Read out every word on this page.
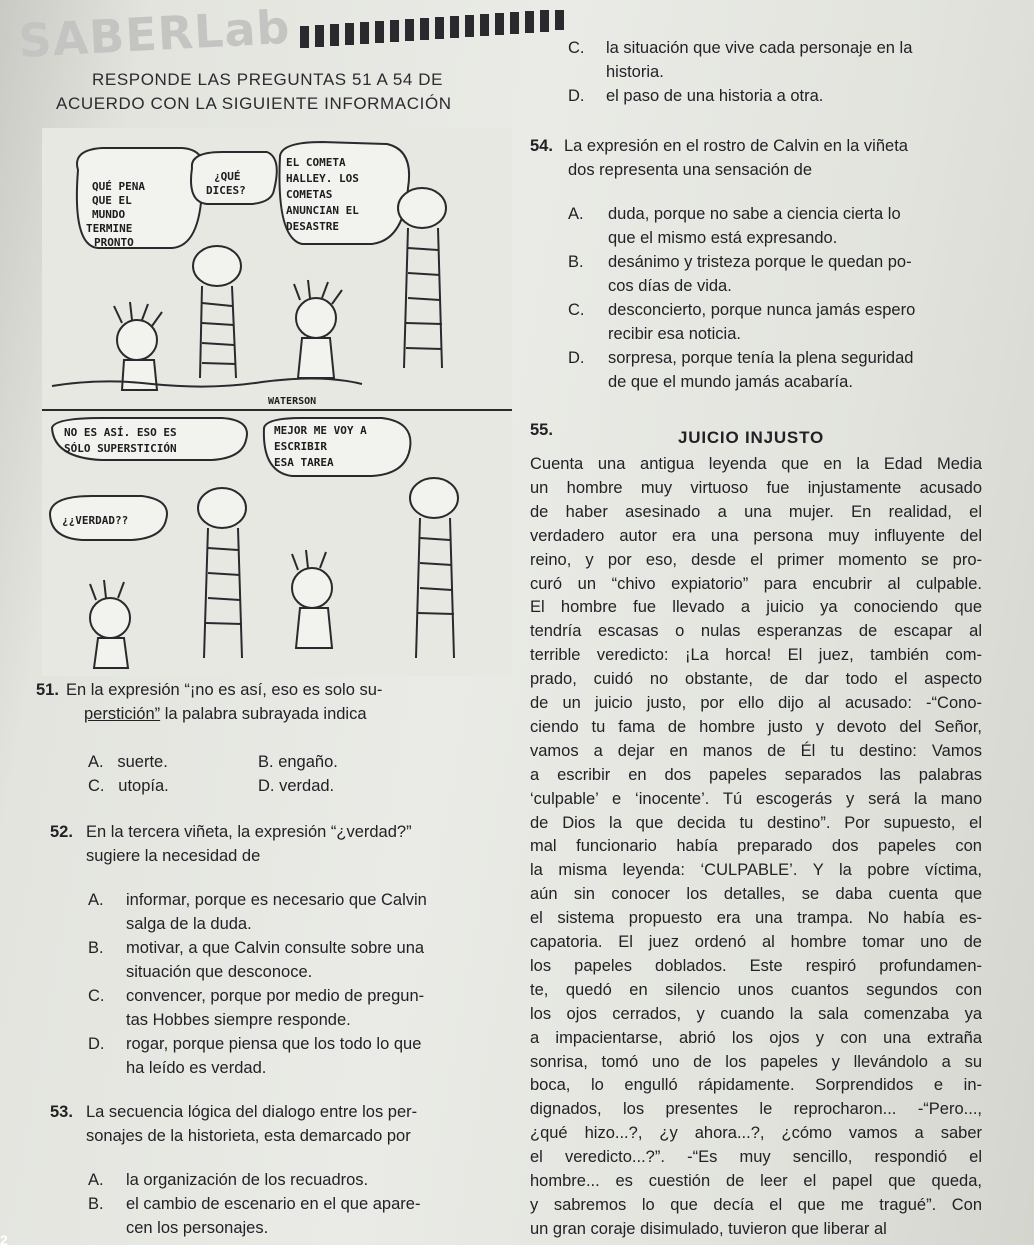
SABERLab
RESPONDE LAS PREGUNTAS 51 A 54 DE
ACUERDO CON LA SIGUIENTE INFORMACIÓN
QUÉ PENA
QUE EL
MUNDO
TERMINE
PRONTO
¿QUÉ
DICES?
EL COMETA
HALLEY. LOS
COMETAS
ANUNCIAN EL
DESASTRE
WATERSON
NO ES ASÍ. ESO ES
SÓLO SUPERSTICIÓN
MEJOR ME VOY A
ESCRIBIR
ESA TAREA
¿¿VERDAD??
51. En la expresión “¡no es así, eso es solo su-
perstición” la palabra subrayada indica
A. suerte.	B. engaño.
C. utopía.	D. verdad.
52. En la tercera viñeta, la expresión “¿verdad?”
sugiere la necesidad de
A. informar, porque es necesario que Calvin
salga de la duda.
B. motivar, a que Calvin consulte sobre una
situación que desconoce.
C. convencer, porque por medio de pregun-
tas Hobbes siempre responde.
D. rogar, porque piensa que los todo lo que
ha leído es verdad.
53. La secuencia lógica del dialogo entre los per-
sonajes de la historieta, esta demarcado por
A. la organización de los recuadros.
B. el cambio de escenario en el que apare-
cen los personajes.
C. la situación que vive cada personaje en la
historia.
D. el paso de una historia a otra.
54. La expresión en el rostro de Calvin en la viñeta
dos representa una sensación de
A. duda, porque no sabe a ciencia cierta lo
que el mismo está expresando.
B. desánimo y tristeza porque le quedan po-
cos días de vida.
C. desconcierto, porque nunca jamás espero
recibir esa noticia.
D. sorpresa, porque tenía la plena seguridad
de que el mundo jamás acabaría.
55.	JUICIO INJUSTO
Cuenta una antigua leyenda que en la Edad Media
un hombre muy virtuoso fue injustamente acusado
de haber asesinado a una mujer. En realidad, el
verdadero autor era una persona muy influyente del
reino, y por eso, desde el primer momento se pro-
curó un “chivo expiatorio” para encubrir al culpable.
El hombre fue llevado a juicio ya conociendo que
tendría escasas o nulas esperanzas de escapar al
terrible veredicto: ¡La horca! El juez, también com-
prado, cuidó no obstante, de dar todo el aspecto
de un juicio justo, por ello dijo al acusado: -“Cono-
ciendo tu fama de hombre justo y devoto del Señor,
vamos a dejar en manos de Él tu destino: Vamos
a escribir en dos papeles separados las palabras
‘culpable’ e ‘inocente’. Tú escogerás y será la mano
de Dios la que decida tu destino”. Por supuesto, el
mal funcionario había preparado dos papeles con
la misma leyenda: ‘CULPABLE’. Y la pobre víctima,
aún sin conocer los detalles, se daba cuenta que
el sistema propuesto era una trampa. No había es-
capatoria. El juez ordenó al hombre tomar uno de
los papeles doblados. Este respiró profundamen-
te, quedó en silencio unos cuantos segundos con
los ojos cerrados, y cuando la sala comenzaba ya
a impacientarse, abrió los ojos y con una extraña
sonrisa, tomó uno de los papeles y llevándolo a su
boca, lo engulló rápidamente. Sorprendidos e in-
dignados, los presentes le reprocharon... -“Pero...,
¿qué hizo...?, ¿y ahora...?, ¿cómo vamos a saber
el veredicto...?”. -“Es muy sencillo, respondió el
hombre... es cuestión de leer el papel que queda,
y sabremos lo que decía el que me tragué”. Con
un gran coraje disimulado, tuvieron que liberar al
2
